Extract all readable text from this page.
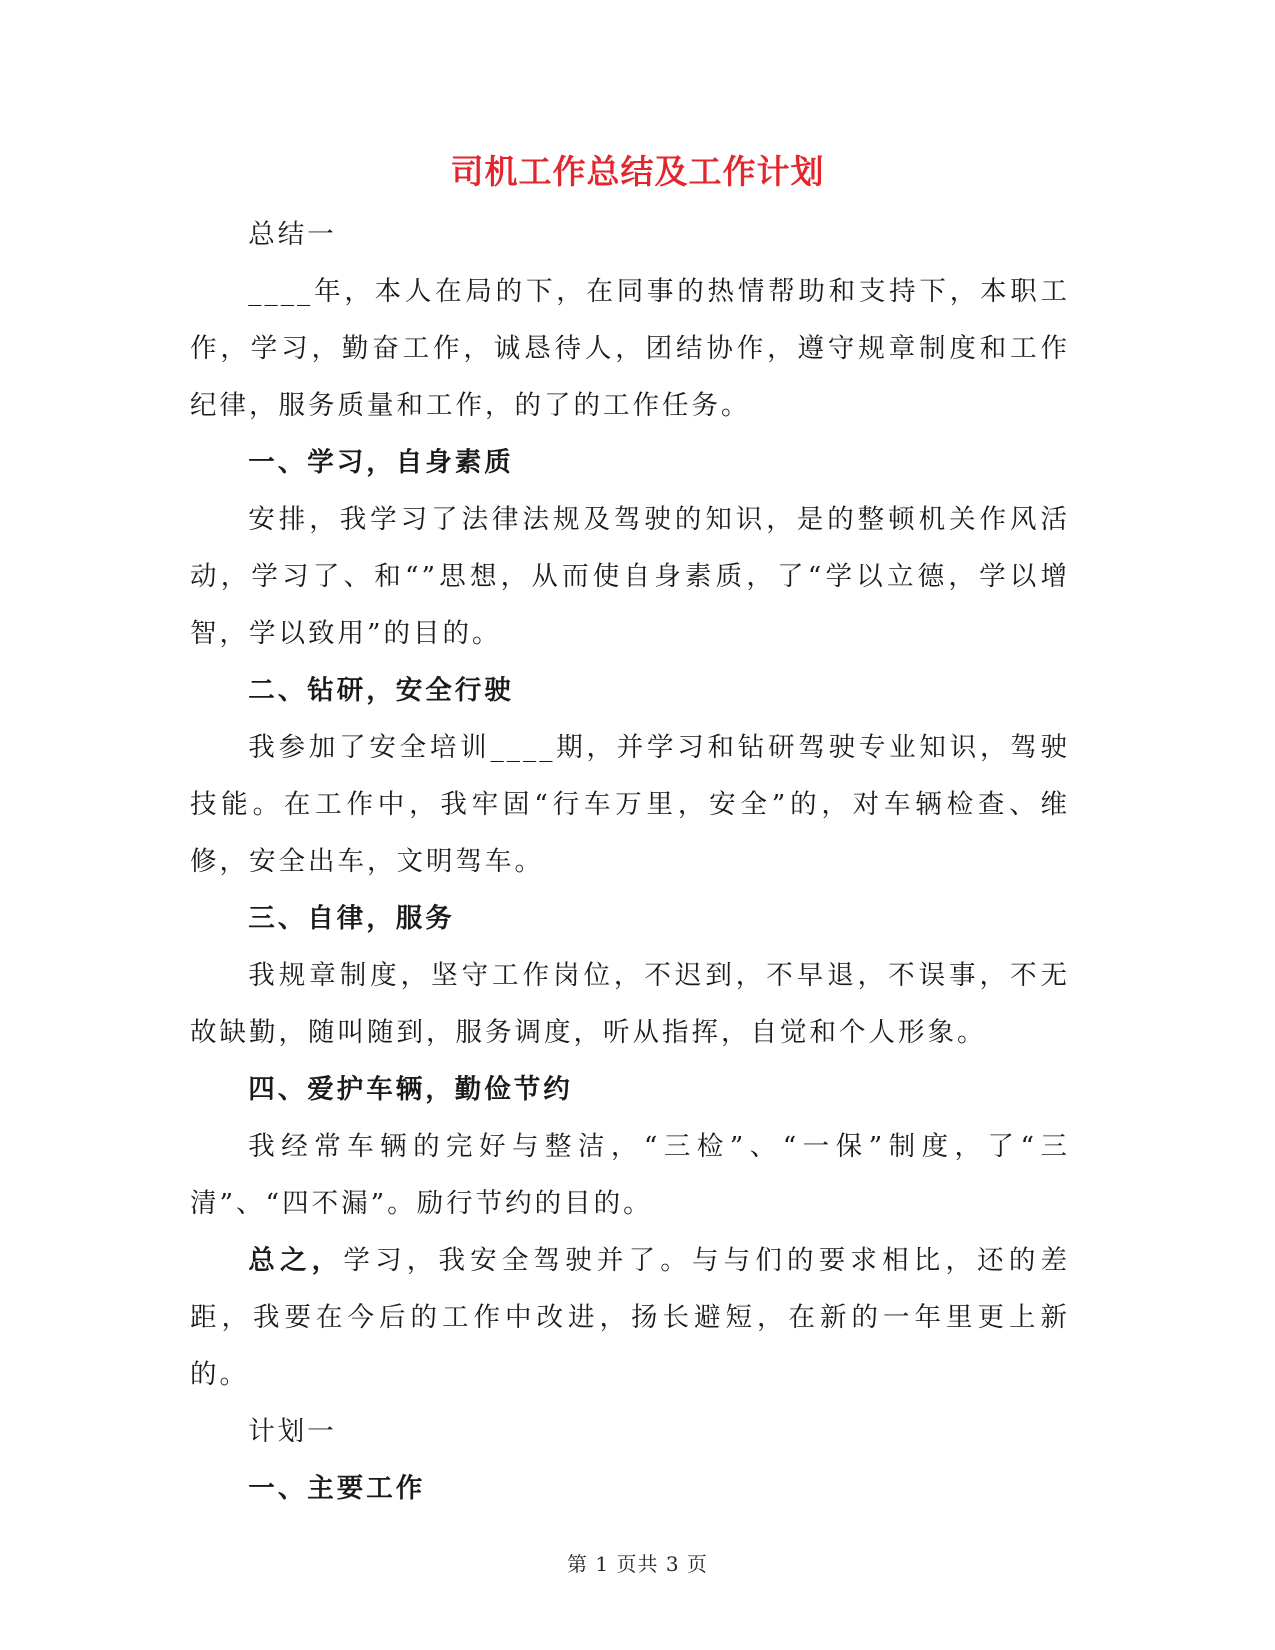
司机工作总结及工作计划

总结一

____年，本人在局的下，在同事的热情帮助和支持下，本职工作，学习，勤奋工作，诚恳待人，团结协作，遵守规章制度和工作纪律，服务质量和工作，的了的工作任务。

一、学习，自身素质

安排，我学习了法律法规及驾驶的知识，是的整顿机关作风活动，学习了、和“”思想，从而使自身素质，了“学以立德，学以增智，学以致用”的目的。

二、钻研，安全行驶

我参加了安全培训____期，并学习和钻研驾驶专业知识，驾驶技能。在工作中，我牢固“行车万里，安全”的，对车辆检查、维修，安全出车，文明驾车。

三、自律，服务

我规章制度，坚守工作岗位，不迟到，不早退，不误事，不无故缺勤，随叫随到，服务调度，听从指挥，自觉和个人形象。

四、爱护车辆，勤俭节约

我经常车辆的完好与整洁，“三检”、“一保”制度，了“三清”、“四不漏”。励行节约的目的。

总之，学习，我安全驾驶并了。与与们的要求相比，还的差距，我要在今后的工作中改进，扬长避短，在新的一年里更上新的。

计划一

一、主要工作

第 1 页共 3 页
